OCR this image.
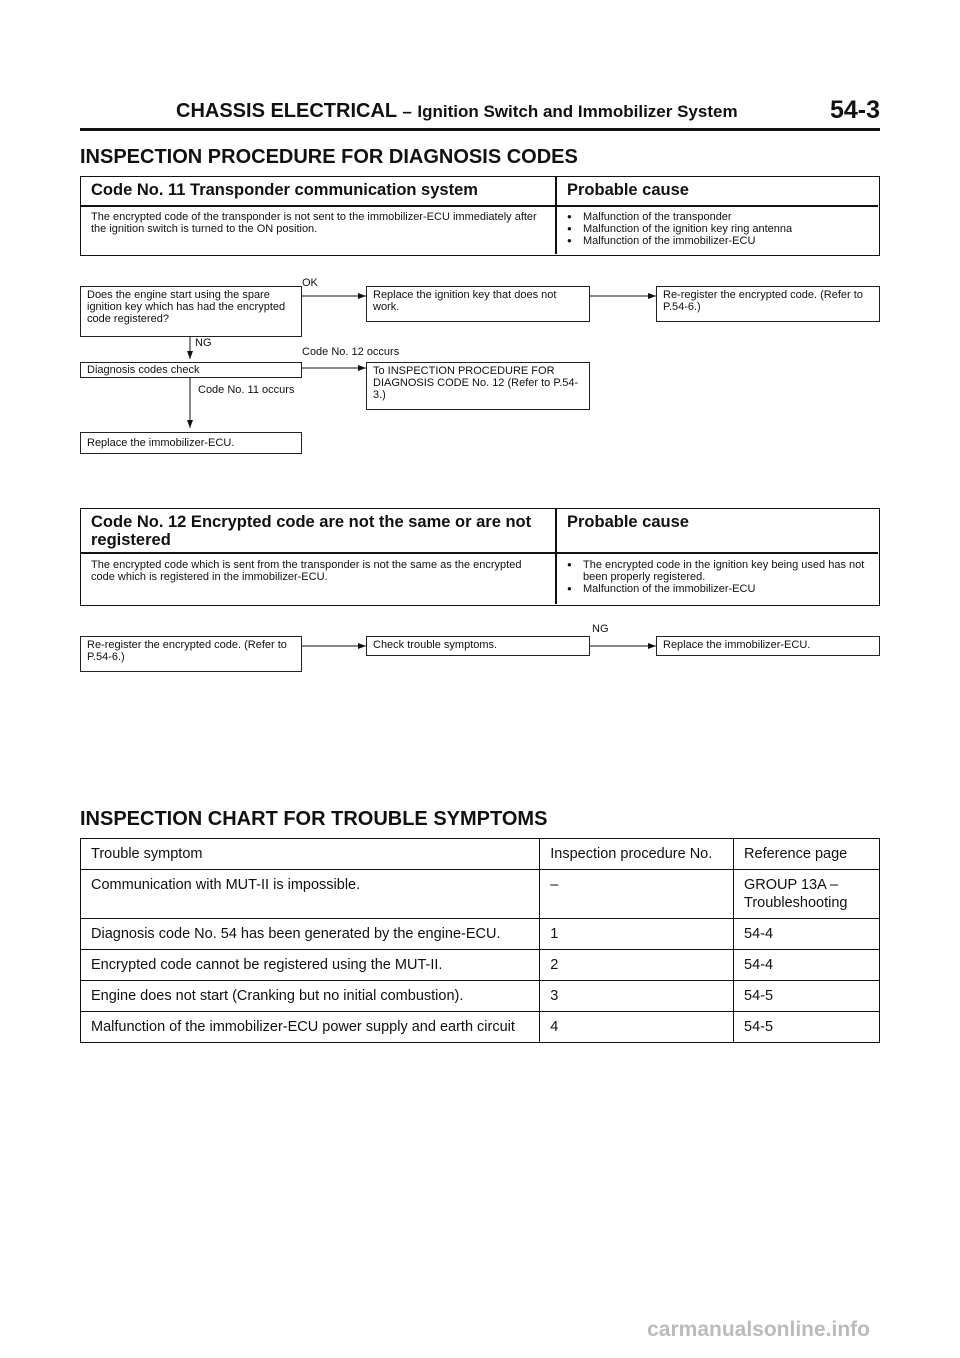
CHASSIS ELECTRICAL – Ignition Switch and Immobilizer System	54-3
INSPECTION PROCEDURE FOR DIAGNOSIS CODES
Code No. 11 Transponder communication system	Probable cause
The encrypted code of the transponder is not sent to the immobilizer-ECU immediately after the ignition switch is turned to the ON position.
● Malfunction of the transponder
● Malfunction of the ignition key ring antenna
● Malfunction of the immobilizer-ECU
Does the engine start using the spare ignition key which has had the encrypted code registered?
OK
Replace the ignition key that does not work.
Re-register the encrypted code. (Refer to P.54-6.)
NG
Code No. 12 occurs
Diagnosis codes check	To INSPECTION PROCEDURE FOR DIAGNOSIS CODE No. 12 (Refer to P.54-3.)
Code No. 11 occurs
Replace the immobilizer-ECU.
Code No. 12 Encrypted code are not the same or are not registered
Probable cause
The encrypted code which is sent from the transponder is not the same as the encrypted code which is registered in the immobilizer-ECU.
● The encrypted code in the ignition key being used has not been properly registered.
● Malfunction of the immobilizer-ECU
Re-register the encrypted code. (Refer to P.54-6.)
Check trouble symptoms.
NG
Replace the immobilizer-ECU.
INSPECTION CHART FOR TROUBLE SYMPTOMS
Trouble symptom	Inspection procedure No.	Reference page
Communication with MUT-II is impossible.	–	GROUP 13A – Troubleshooting
Diagnosis code No. 54 has been generated by the engine-ECU.	1	54-4
Encrypted code cannot be registered using the MUT-II.	2	54-4
Engine does not start (Cranking but no initial combustion).	3	54-5
Malfunction of the immobilizer-ECU power supply and earth circuit	4	54-5
carmanualsonline.info
